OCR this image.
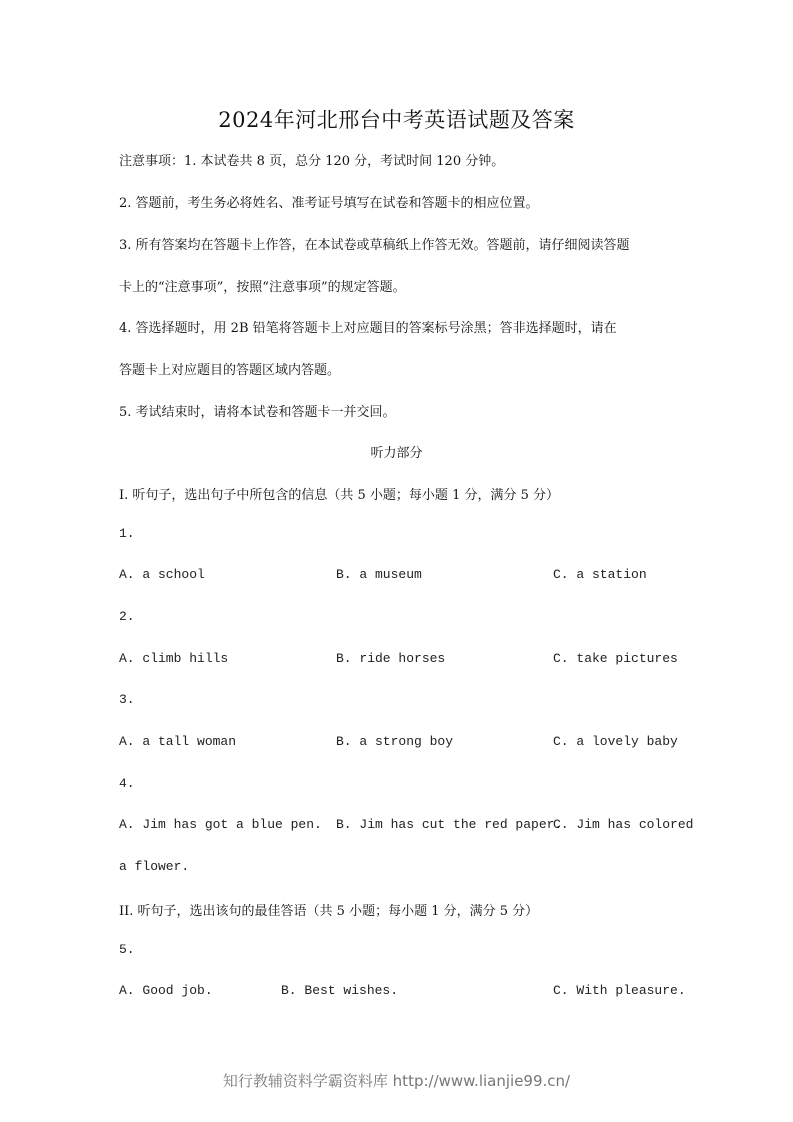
2024年河北邢台中考英语试题及答案
注意事项：1. 本试卷共 8 页，总分 120 分，考试时间 120 分钟。
2. 答题前，考生务必将姓名、准考证号填写在试卷和答题卡的相应位置。
3. 所有答案均在答题卡上作答，在本试卷或草稿纸上作答无效。答题前，请仔细阅读答题
卡上的“注意事项”，按照“注意事项”的规定答题。
4. 答选择题时，用 2B 铅笔将答题卡上对应题目的答案标号涂黑；答非选择题时，请在
答题卡上对应题目的答题区域内答题。
5. 考试结束时，请将本试卷和答题卡一并交回。
听力部分
I. 听句子，选出句子中所包含的信息（共 5 小题；每小题 1 分，满分 5 分）
1.
A. a school	B. a museum	C. a station
2.
A. climb hills	B. ride horses	C. take pictures
3.
A. a tall woman	B. a strong boy	C. a lovely baby
4.
A. Jim has got a blue pen. B. Jim has cut the red paper.
C. Jim has colored
a flower.
II. 听句子，选出该句的最佳答语（共 5 小题；每小题 1 分，满分 5 分）
5.
A. Good job.	B. Best wishes.	C. With pleasure.
知行教辅资料学霸资料库 http://www.lianjie99.cn/
